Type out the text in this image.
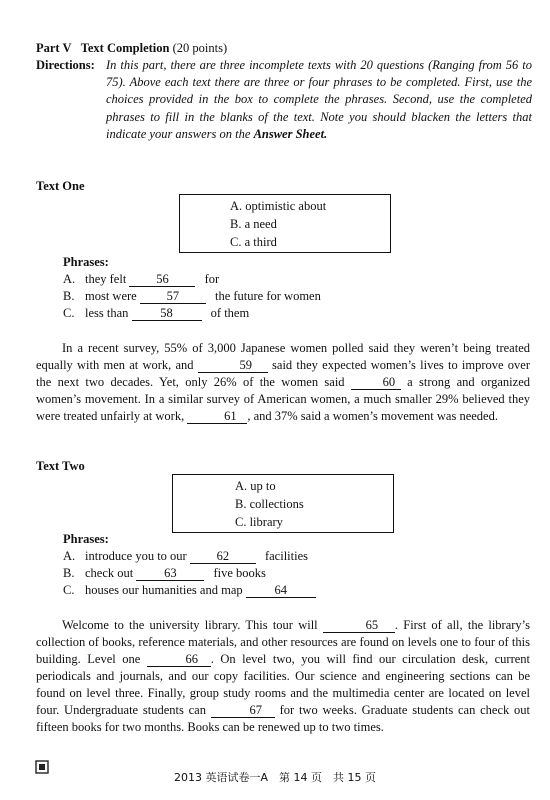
Part V Text Completion (20 points)
Directions: In this part, there are three incomplete texts with 20 questions (Ranging from 56 to 75). Above each text there are three or four phrases to be completed. First, use the choices provided in the box to complete the phrases. Second, use the completed phrases to fill in the blanks of the text. Note you should blacken the letters that indicate your answers on the Answer Sheet.
Text One
A. optimistic about
B. a need
C. a third
Phrases:
A. they felt 56	for
B. most were 57	the future for women
C. less than	58	of them

In a recent survey, 55% of 3,000 Japanese women polled said they weren’t being treated equally with men at work, and	59 said they expected women’s lives to improve over the next two decades. Yet, only 26% of the women said	60 a strong and organized women’s movement. In a similar survey of American women, a much smaller 29% believed they were treated unfairly at work,	61 , and 37% said a women’s movement was needed.

Text Two
A. up to
B. collections
C. library
Phrases:
A. introduce you to our 62	facilities
B. check out 63	five books
C. houses our humanities and map	64

Welcome to the university library. This tour will	65 . First of all, the library’s collection of books, reference materials, and other resources are found on levels one to four of this building. Level one	66 . On level two, you will find our circulation desk, current periodicals and journals, and our copy facilities. Our science and engineering sections can be found on level three. Finally, group study rooms and the multimedia center are located on level four. Undergraduate students can	67 for two weeks. Graduate students can check out fifteen books for two months. Books can be renewed up to two times.

2013 英语试卷一A　第 14 页　共 15 页
